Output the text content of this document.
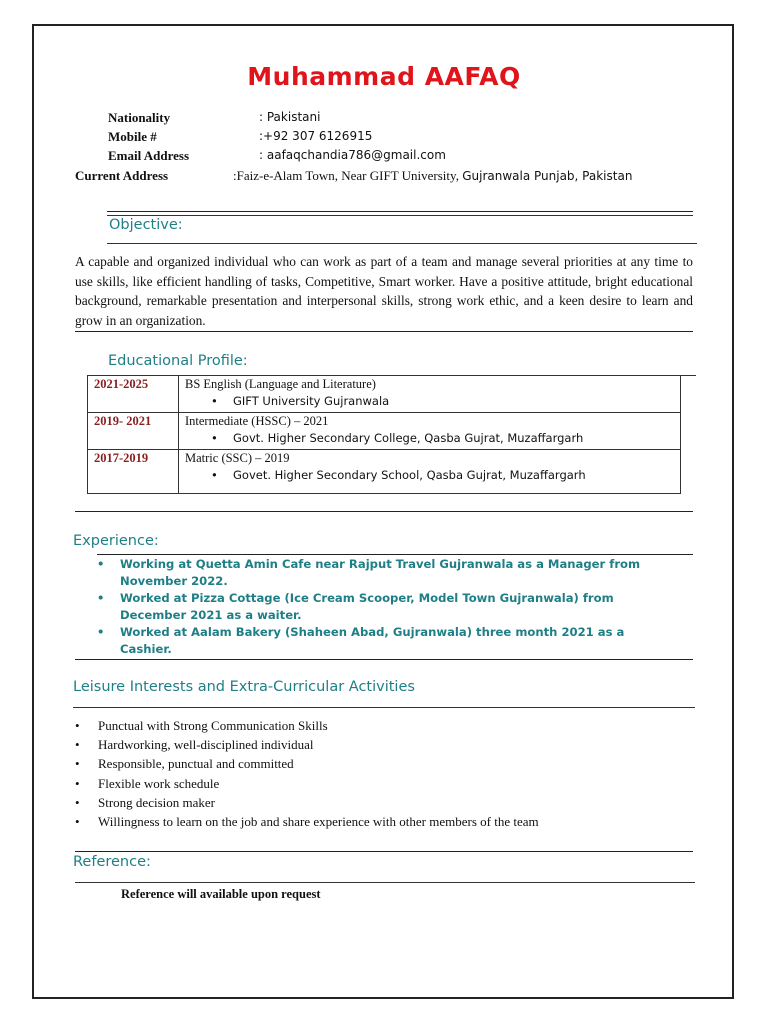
Muhammad AAFAQ
Nationality	: Pakistani
Mobile #	:+92 307 6126915
Email Address	: aafaqchandia786@gmail.com
Current Address	:Faiz-e-Alam Town, Near GIFT University, Gujranwala Punjab, Pakistan
Objective:
A capable and organized individual who can work as part of a team and manage several priorities at any time to use skills, like efficient handling of tasks, Competitive, Smart worker. Have a positive attitude, bright educational background, remarkable presentation and interpersonal skills, strong work ethic, and a keen desire to learn and grow in an organization.
Educational Profile:
2021-2025	BS English (Language and Literature)
• GIFT University Gujranwala

2019- 2021	Intermediate (HSSC) – 2021
• Govt. Higher Secondary College, Qasba Gujrat, Muzaffargarh

2017-2019	Matric (SSC) – 2019
• Govet. Higher Secondary School, Qasba Gujrat, Muzaffargarh
Experience:
• Working at Quetta Amin Cafe near Rajput Travel Gujranwala as a Manager from November 2022.
• Worked at Pizza Cottage (Ice Cream Scooper, Model Town Gujranwala) from December 2021 as a waiter.
• Worked at Aalam Bakery (Shaheen Abad, Gujranwala) three month 2021 as a Cashier.
Leisure Interests and Extra-Curricular Activities
• Punctual with Strong Communication Skills
• Hardworking, well-disciplined individual
• Responsible, punctual and committed
• Flexible work schedule
• Strong decision maker
• Willingness to learn on the job and share experience with other members of the team
Reference:
Reference will available upon request
